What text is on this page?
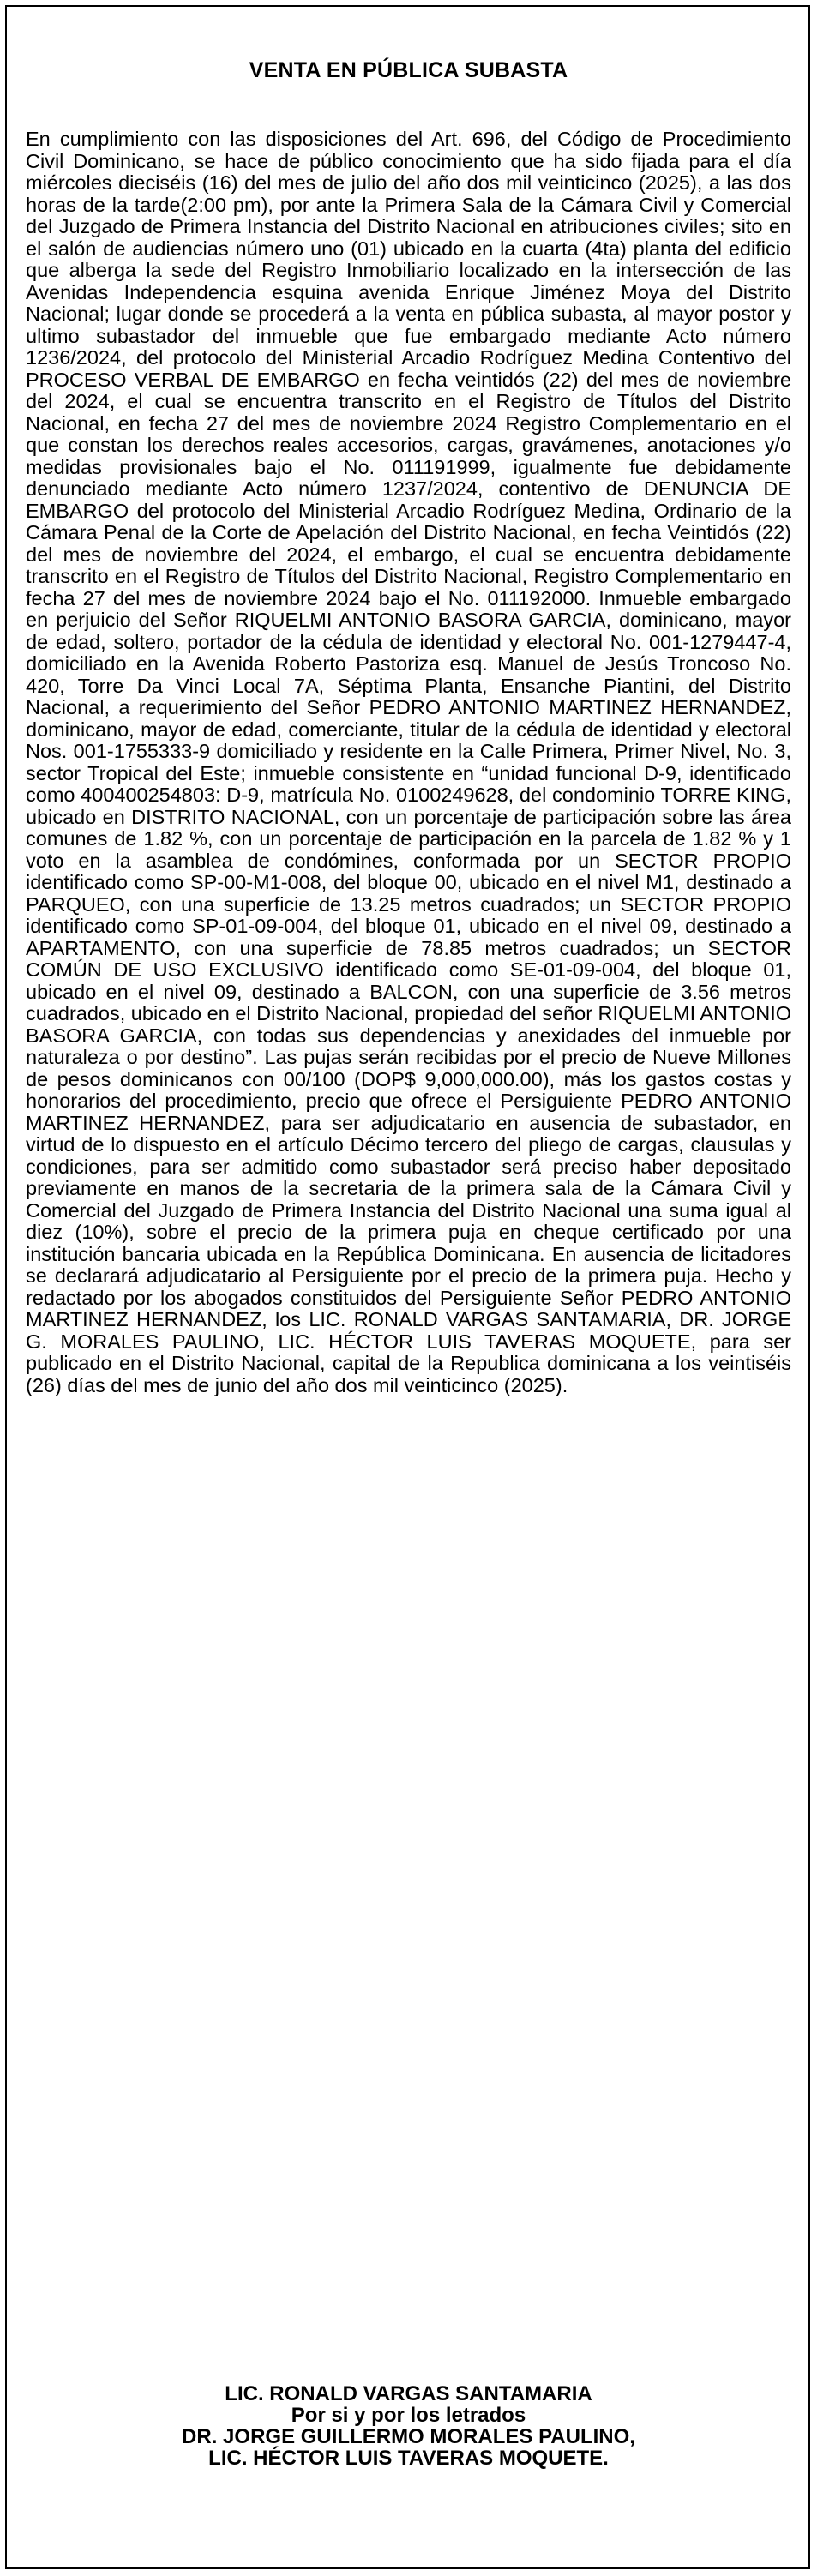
VENTA EN PÚBLICA SUBASTA
En cumplimiento con las disposiciones del Art. 696, del Código de Procedimiento Civil Dominicano, se hace de público conocimiento que ha sido fijada para el día miércoles dieciséis (16) del mes de julio del año dos mil veinticinco (2025), a las dos horas de la tarde(2:00 pm), por ante la Primera Sala de la Cámara Civil y Comercial del Juzgado de Primera Instancia del Distrito Nacional en atribuciones civiles; sito en el salón de audiencias número uno (01) ubicado en la cuarta (4ta) planta del edificio que alberga la sede del Registro Inmobiliario localizado en la intersección de las Avenidas Independencia esquina avenida Enrique Jiménez Moya del Distrito Nacional; lugar donde se procederá a la venta en pública subasta, al mayor postor y ultimo subastador del inmueble que fue embargado mediante Acto número 1236/2024, del protocolo del Ministerial Arcadio Rodríguez Medina Contentivo del PROCESO VERBAL DE EMBARGO en fecha veintidós (22) del mes de noviembre del 2024, el cual se encuentra transcrito en el Registro de Títulos del Distrito Nacional, en fecha 27 del mes de noviembre 2024 Registro Complementario en el que constan los derechos reales accesorios, cargas, gravámenes, anotaciones y/o medidas provisionales bajo el No. 011191999, igualmente fue debidamente denunciado mediante Acto número 1237/2024, contentivo de DENUNCIA DE EMBARGO del protocolo del Ministerial Arcadio Rodríguez Medina, Ordinario de la Cámara Penal de la Corte de Apelación del Distrito Nacional, en fecha Veintidós (22) del mes de noviembre del 2024, el embargo, el cual se encuentra debidamente transcrito en el Registro de Títulos del Distrito Nacional, Registro Complementario en fecha 27 del mes de noviembre 2024 bajo el No. 011192000. Inmueble embargado en perjuicio del Señor RIQUELMI ANTONIO BASORA GARCIA, dominicano, mayor de edad, soltero, portador de la cédula de identidad y electoral No. 001-1279447-4, domiciliado en la Avenida Roberto Pastoriza esq. Manuel de Jesús Troncoso No. 420, Torre Da Vinci Local 7A, Séptima Planta, Ensanche Piantini, del Distrito Nacional, a requerimiento del Señor PEDRO ANTONIO MARTINEZ HERNANDEZ, dominicano, mayor de edad, comerciante, titular de la cédula de identidad y electoral Nos. 001-1755333-9 domiciliado y residente en la Calle Primera, Primer Nivel, No. 3, sector Tropical del Este; inmueble consistente en “unidad funcional D-9, identificado como 400400254803: D-9, matrícula No. 0100249628, del condominio TORRE KING, ubicado en DISTRITO NACIONAL, con un porcentaje de participación sobre las área comunes de 1.82 %, con un porcentaje de participación en la parcela de 1.82 % y 1 voto en la asamblea de condómines, conformada por un SECTOR PROPIO identificado como SP-00-M1-008, del bloque 00, ubicado en el nivel M1, destinado a PARQUEO, con una superficie de 13.25 metros cuadrados; un SECTOR PROPIO identificado como SP-01-09-004, del bloque 01, ubicado en el nivel 09, destinado a APARTAMENTO, con una superficie de 78.85 metros cuadrados; un SECTOR COMÚN DE USO EXCLUSIVO identificado como SE-01-09-004, del bloque 01, ubicado en el nivel 09, destinado a BALCON, con una superficie de 3.56 metros cuadrados, ubicado en el Distrito Nacional, propiedad del señor RIQUELMI ANTONIO BASORA GARCIA, con todas sus dependencias y anexidades del inmueble por naturaleza o por destino”. Las pujas serán recibidas por el precio de Nueve Millones de pesos dominicanos con 00/100 (DOP$ 9,000,000.00), más los gastos costas y honorarios del procedimiento, precio que ofrece el Persiguiente PEDRO ANTONIO MARTINEZ HERNANDEZ, para ser adjudicatario en ausencia de subastador, en virtud de lo dispuesto en el artículo Décimo tercero del pliego de cargas, clausulas y condiciones, para ser admitido como subastador será preciso haber depositado previamente en manos de la secretaria de la primera sala de la Cámara Civil y Comercial del Juzgado de Primera Instancia del Distrito Nacional una suma igual al diez (10%), sobre el precio de la primera puja en cheque certificado por una institución bancaria ubicada en la República Dominicana. En ausencia de licitadores se declarará adjudicatario al Persiguiente por el precio de la primera puja. Hecho y redactado por los abogados constituidos del Persiguiente Señor PEDRO ANTONIO MARTINEZ HERNANDEZ, los LIC. RONALD VARGAS SANTAMARIA, DR. JORGE G. MORALES PAULINO, LIC. HÉCTOR LUIS TAVERAS MOQUETE, para ser publicado en el Distrito Nacional, capital de la Republica dominicana a los veintiséis (26) días del mes de junio del año dos mil veinticinco (2025).
LIC. RONALD VARGAS SANTAMARIA
Por si y por los letrados
DR. JORGE GUILLERMO MORALES PAULINO,
LIC. HÉCTOR LUIS TAVERAS MOQUETE.
